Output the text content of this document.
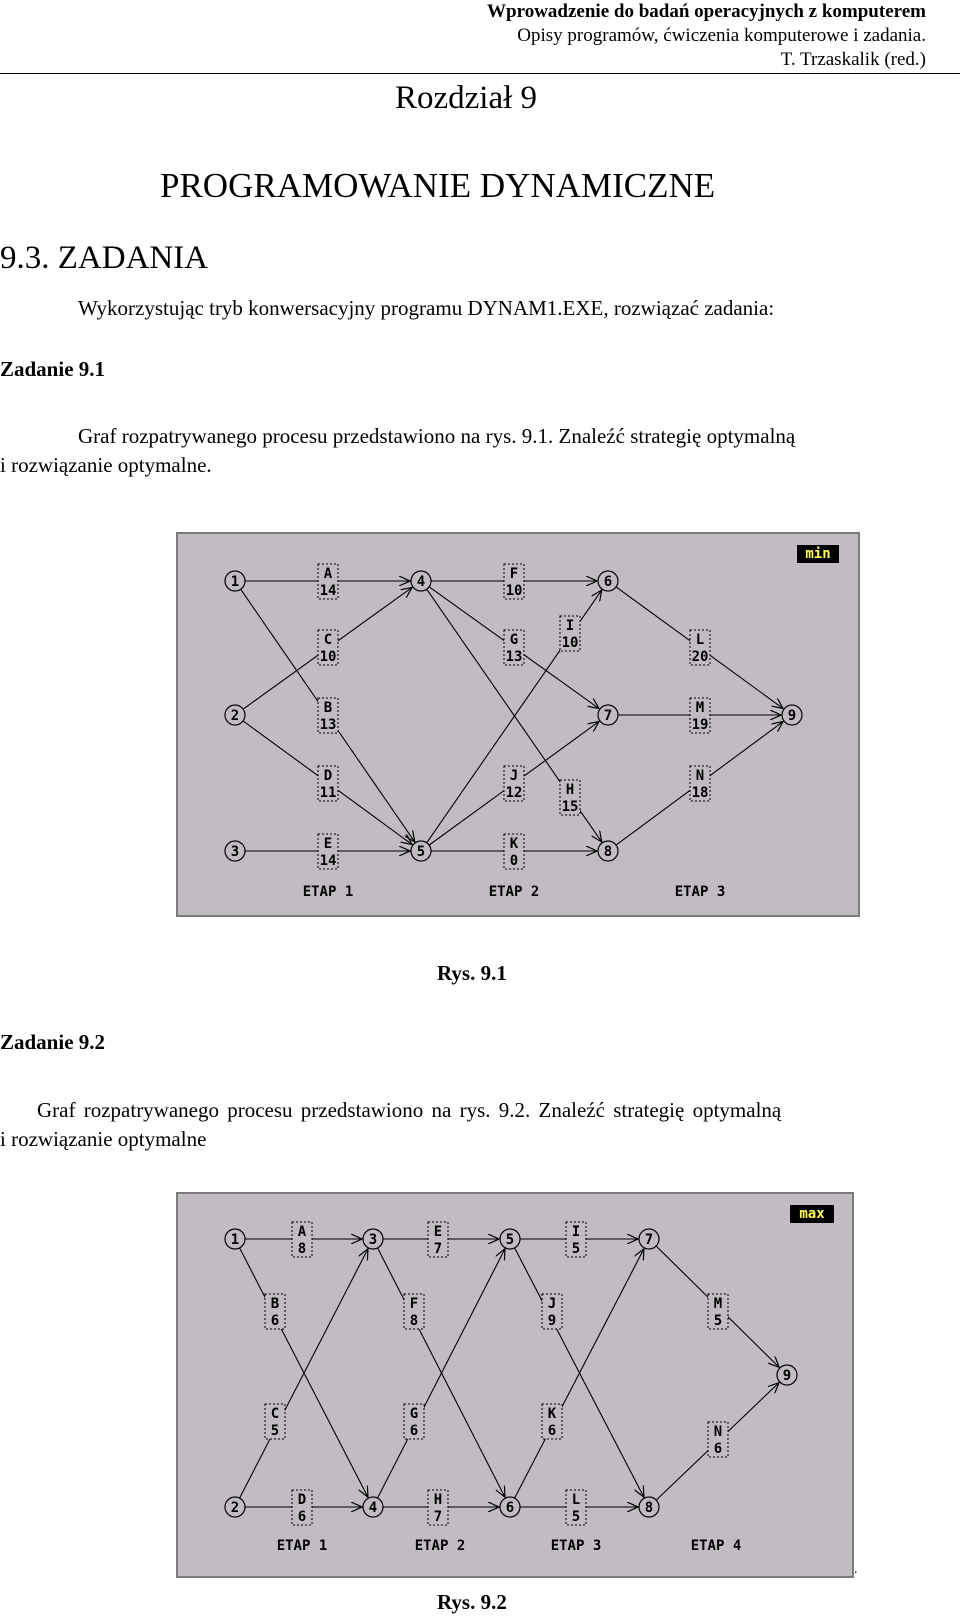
Wprowadzenie do badań operacyjnych z komputerem
Opisy programów, ćwiczenia komputerowe i zadania.
T. Trzaskalik (red.)
Rozdział 9
PROGRAMOWANIE DYNAMICZNE
9.3. ZADANIA
Wykorzystując tryb konwersacyjny programu DYNAM1.EXE, rozwiązać zadania:
Zadanie 9.1
Graf rozpatrywanego procesu przedstawiono na rys. 9.1. Znaleźć strategię optymalną
i rozwiązanie optymalne.
A
14
B
13
C
10
D
11
E
14
F
10
G
13
H
15
I
10
J
12
K
0
L
20
M
19
N
18
1
2
3
4
5
6
7
8
9
ETAP 1	ETAP 2	ETAP 3
min
Rys. 9.1
Zadanie 9.2
Graf rozpatrywanego procesu przedstawiono na rys. 9.2. Znaleźć strategię optymalną
i rozwiązanie optymalne
A
8
B
6
C
5
D
6
E
7
F
8
G
6
H
7
I
5
J
9
K
6
L
5
M
5
N
6
1
2
3
4
5
6
7
8
9
ETAP 1	ETAP 2	ETAP 3	ETAP 4
max
.
Rys. 9.2
